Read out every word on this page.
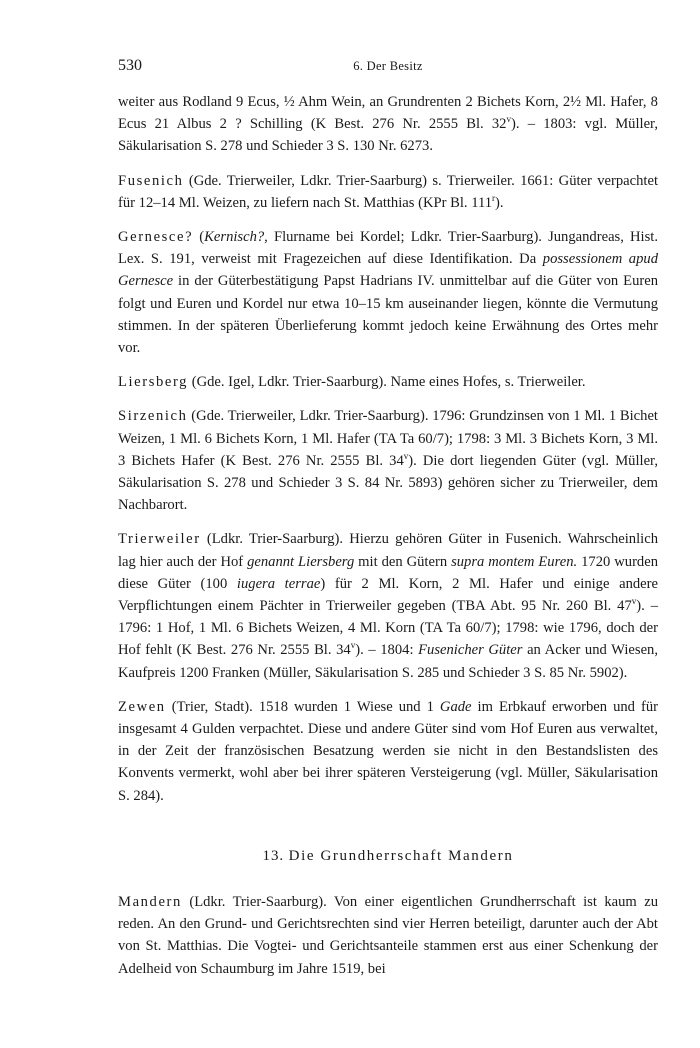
530	6. Der Besitz

weiter aus Rodland 9 Ecus, ½ Ahm Wein, an Grundrenten 2 Bichets Korn, 2½ Ml. Hafer, 8 Ecus 21 Albus 2 ? Schilling (K Best. 276 Nr. 2555 Bl. 32$^v$). – 1803: vgl. Müller, Säkularisation S. 278 und Schieder 3 S. 130 Nr. 6273.

Fusenich (Gde. Trierweiler, Ldkr. Trier-Saarburg) s. Trierweiler. 1661: Güter verpachtet für 12–14 Ml. Weizen, zu liefern nach St. Matthias (KPr Bl. 111$^r$).

Gernesce? (Kernisch?, Flurname bei Kordel; Ldkr. Trier-Saarburg). Jungandreas, Hist. Lex. S. 191, verweist mit Fragezeichen auf diese Identifikation. Da possessionem apud Gernesce in der Güterbestätigung Papst Hadrians IV. unmittelbar auf die Güter von Euren folgt und Euren und Kordel nur etwa 10–15 km auseinander liegen, könnte die Vermutung stimmen. In der späteren Überlieferung kommt jedoch keine Erwähnung des Ortes mehr vor.

Liersberg (Gde. Igel, Ldkr. Trier-Saarburg). Name eines Hofes, s. Trierweiler.

Sirzenich (Gde. Trierweiler, Ldkr. Trier-Saarburg). 1796: Grundzinsen von 1 Ml. 1 Bichet Weizen, 1 Ml. 6 Bichets Korn, 1 Ml. Hafer (TA Ta 60/7); 1798: 3 Ml. 3 Bichets Korn, 3 Ml. 3 Bichets Hafer (K Best. 276 Nr. 2555 Bl. 34$^v$). Die dort liegenden Güter (vgl. Müller, Säkularisation S. 278 und Schieder 3 S. 84 Nr. 5893) gehören sicher zu Trierweiler, dem Nachbarort.

Trierweiler (Ldkr. Trier-Saarburg). Hierzu gehören Güter in Fusenich. Wahrscheinlich lag hier auch der Hof genannt Liersberg mit den Gütern supra montem Euren. 1720 wurden diese Güter (100 iugera terrae) für 2 Ml. Korn, 2 Ml. Hafer und einige andere Verpflichtungen einem Pächter in Trierweiler gegeben (TBA Abt. 95 Nr. 260 Bl. 47$^v$). – 1796: 1 Hof, 1 Ml. 6 Bichets Weizen, 4 Ml. Korn (TA Ta 60/7); 1798: wie 1796, doch der Hof fehlt (K Best. 276 Nr. 2555 Bl. 34$^v$). – 1804: Fusenicher Güter an Acker und Wiesen, Kaufpreis 1200 Franken (Müller, Säkularisation S. 285 und Schieder 3 S. 85 Nr. 5902).

Zewen (Trier, Stadt). 1518 wurden 1 Wiese und 1 Gade im Erbkauf erworben und für insgesamt 4 Gulden verpachtet. Diese und andere Güter sind vom Hof Euren aus verwaltet, in der Zeit der französischen Besatzung werden sie nicht in den Bestandslisten des Konvents vermerkt, wohl aber bei ihrer späteren Versteigerung (vgl. Müller, Säkularisation S. 284).

13. Die Grundherrschaft Mandern

Mandern (Ldkr. Trier-Saarburg). Von einer eigentlichen Grundherrschaft ist kaum zu reden. An den Grund- und Gerichtsrechten sind vier Herren beteiligt, darunter auch der Abt von St. Matthias. Die Vogtei- und Gerichtsanteile stammen erst aus einer Schenkung der Adelheid von Schaumburg im Jahre 1519, bei
